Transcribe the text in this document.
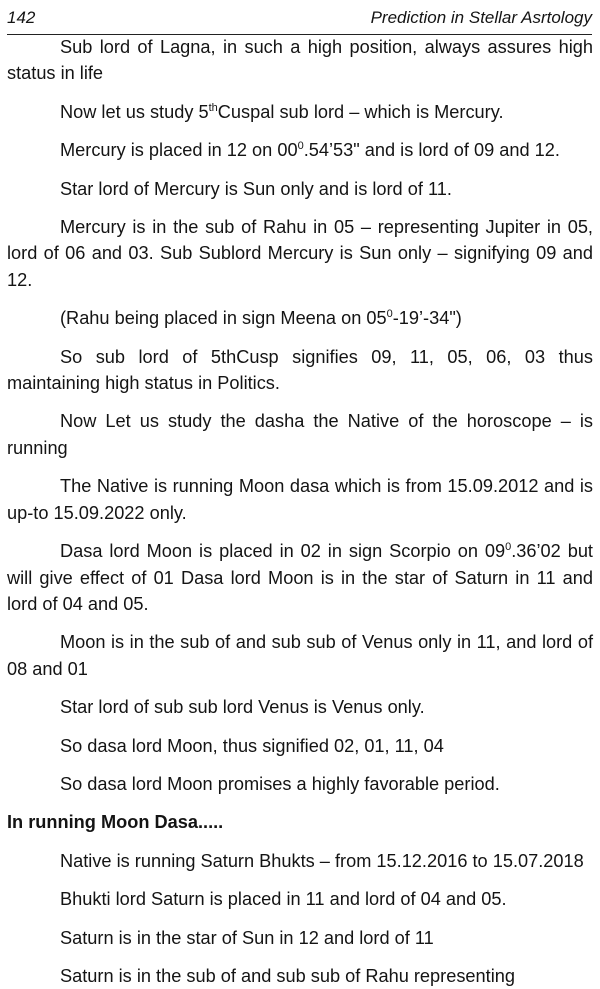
142	Prediction in Stellar Asrtology

Sub lord of Lagna, in such a high position, always assures high status in life

Now let us study 5thCuspal sub lord – which is Mercury.

Mercury is placed in 12 on $00^0.54’53$" and is lord of 09 and 12.

Star lord of Mercury is Sun only and is lord of 11.

Mercury is in the sub of Rahu in 05 – representing Jupiter in 05, lord of 06 and 03. Sub Sublord Mercury is Sun only – signifying 09 and 12.

(Rahu being placed in sign Meena on $05^0-19’-34$")

So sub lord of 5thCusp signifies 09, 11, 05, 06, 03 thus maintaining high status in Politics.

Now Let us study the dasha the Native of the horoscope – is running

The Native is running Moon dasa which is from 15.09.2012 and is up-to 15.09.2022 only.

Dasa lord Moon is placed in 02 in sign Scorpio on $09^0.36’02$ but will give effect of 01 Dasa lord Moon is in the star of Saturn in 11 and lord of 04 and 05.

Moon is in the sub of and sub sub of Venus only in 11, and lord of 08 and 01

Star lord of sub sub lord Venus is Venus only.

So dasa lord Moon, thus signified 02, 01, 11, 04

So dasa lord Moon promises a highly favorable period.

In running Moon Dasa.....

Native is running Saturn Bhukts – from 15.12.2016 to 15.07.2018

Bhukti lord Saturn is placed in 11 and lord of 04 and 05.

Saturn is in the star of Sun in 12 and lord of 11

Saturn is in the sub of and sub sub of Rahu representing
